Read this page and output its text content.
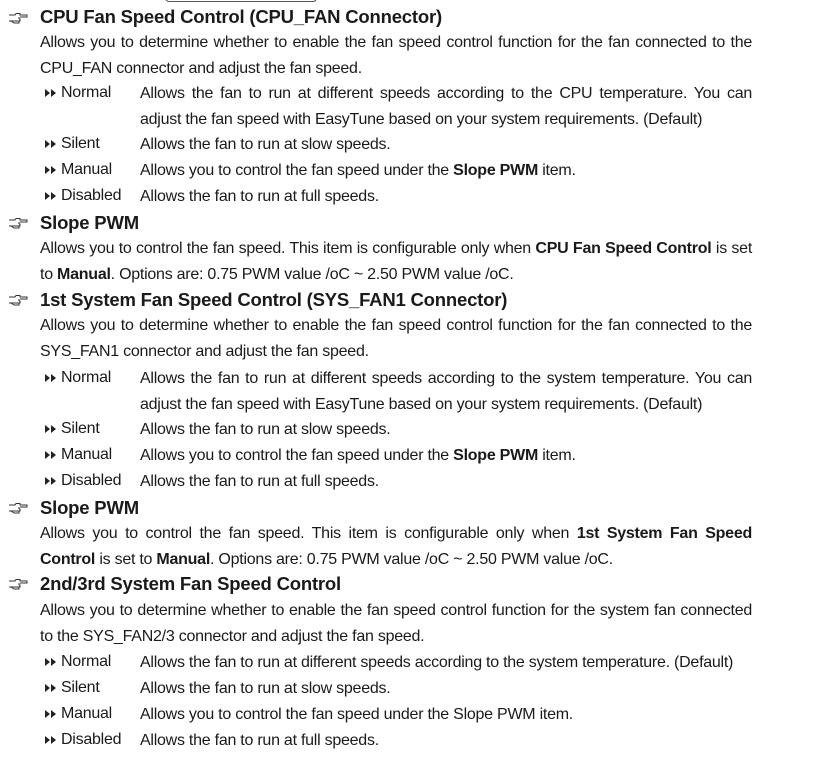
CPU Fan Speed Control (CPU_FAN Connector)
Allows you to determine whether to enable the fan speed control function for the fan connected to the CPU_FAN connector and adjust the fan speed.
Normal Allows the fan to run at different speeds according to the CPU temperature. You can adjust the fan speed with EasyTune based on your system requirements. (Default)
Silent	Allows the fan to run at slow speeds.
Manual Allows you to control the fan speed under the Slope PWM item.
Disabled Allows the fan to run at full speeds.
Slope PWM
Allows you to control the fan speed. This item is configurable only when CPU Fan Speed Control is set to Manual. Options are: 0.75 PWM value /oC ~ 2.50 PWM value /oC.
1st System Fan Speed Control (SYS_FAN1 Connector)
Allows you to determine whether to enable the fan speed control function for the fan connected to the SYS_FAN1 connector and adjust the fan speed.
Normal Allows the fan to run at different speeds according to the system temperature. You can adjust the fan speed with EasyTune based on your system requirements. (Default)
Silent	Allows the fan to run at slow speeds.
Manual Allows you to control the fan speed under the Slope PWM item.
Disabled Allows the fan to run at full speeds.
Slope PWM
Allows you to control the fan speed. This item is configurable only when 1st System Fan Speed Control is set to Manual. Options are: 0.75 PWM value /oC ~ 2.50 PWM value /oC.
2nd/3rd System Fan Speed Control
Allows you to determine whether to enable the fan speed control function for the system fan connected to the SYS_FAN2/3 connector and adjust the fan speed.
Normal Allows the fan to run at different speeds according to the system temperature. (Default)
Silent	Allows the fan to run at slow speeds.
Manual Allows you to control the fan speed under the Slope PWM item.
Disabled Allows the fan to run at full speeds.
